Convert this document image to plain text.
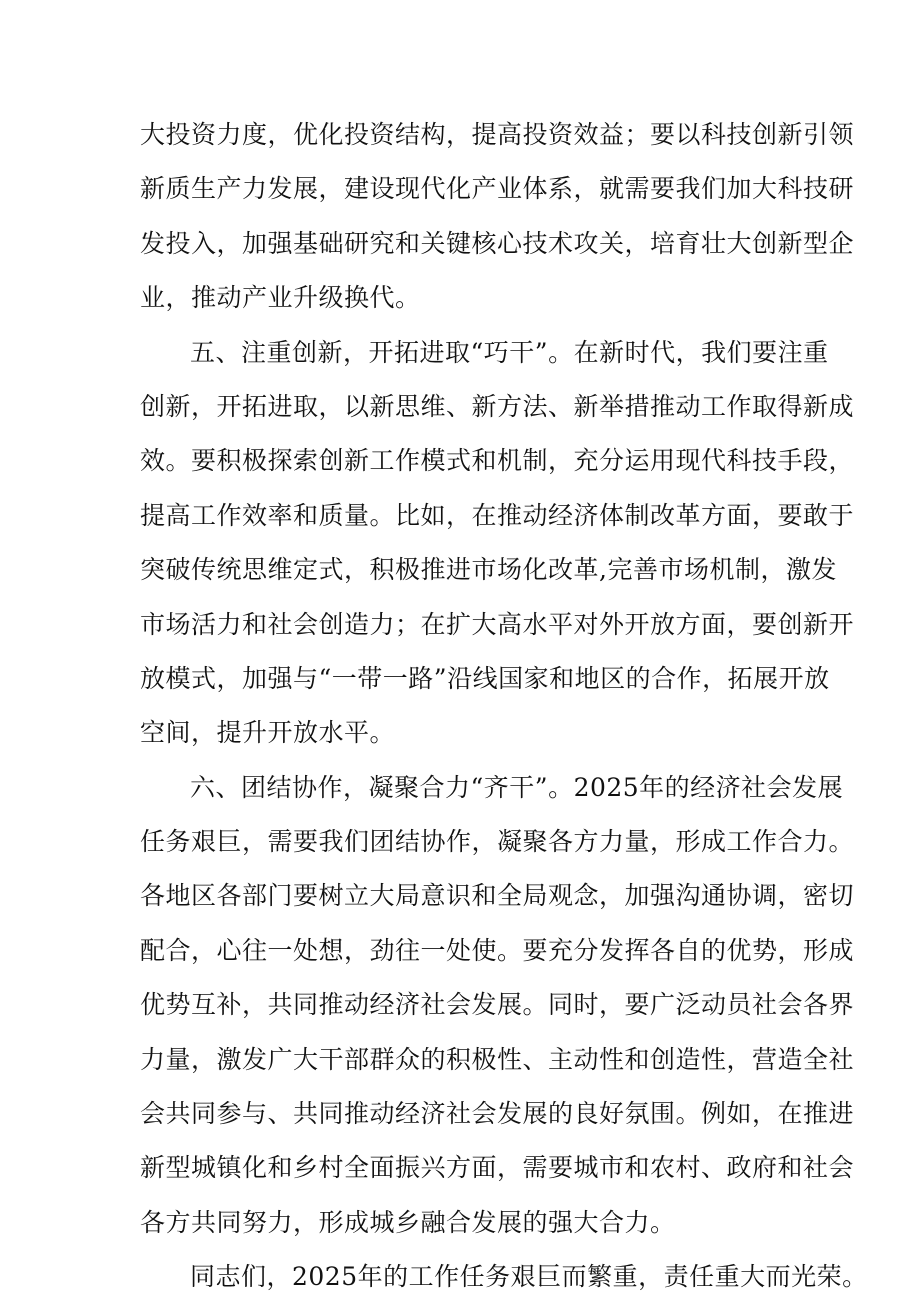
大投资力度，优化投资结构，提高投资效益；要以科技创新引领
新质生产力发展，建设现代化产业体系，就需要我们加大科技研
发投入，加强基础研究和关键核心技术攻关，培育壮大创新型企
业，推动产业升级换代。

五、注重创新，开拓进取“巧干”。在新时代，我们要注重
创新，开拓进取，以新思维、新方法、新举措推动工作取得新成
效。要积极探索创新工作模式和机制，充分运用现代科技手段，
提高工作效率和质量。比如，在推动经济体制改革方面，要敢于
突破传统思维定式，积极推进市场化改革,完善市场机制，激发
市场活力和社会创造力；在扩大高水平对外开放方面，要创新开
放模式，加强与“一带一路”沿线国家和地区的合作，拓展开放
空间，提升开放水平。

六、团结协作，凝聚合力“齐干”。2025年的经济社会发展
任务艰巨，需要我们团结协作，凝聚各方力量，形成工作合力。
各地区各部门要树立大局意识和全局观念，加强沟通协调，密切
配合，心往一处想，劲往一处使。要充分发挥各自的优势，形成
优势互补，共同推动经济社会发展。同时，要广泛动员社会各界
力量，激发广大干部群众的积极性、主动性和创造性，营造全社
会共同参与、共同推动经济社会发展的良好氛围。例如，在推进
新型城镇化和乡村全面振兴方面，需要城市和农村、政府和社会
各方共同努力，形成城乡融合发展的强大合力。

同志们，2025年的工作任务艰巨而繁重，责任重大而光荣。
